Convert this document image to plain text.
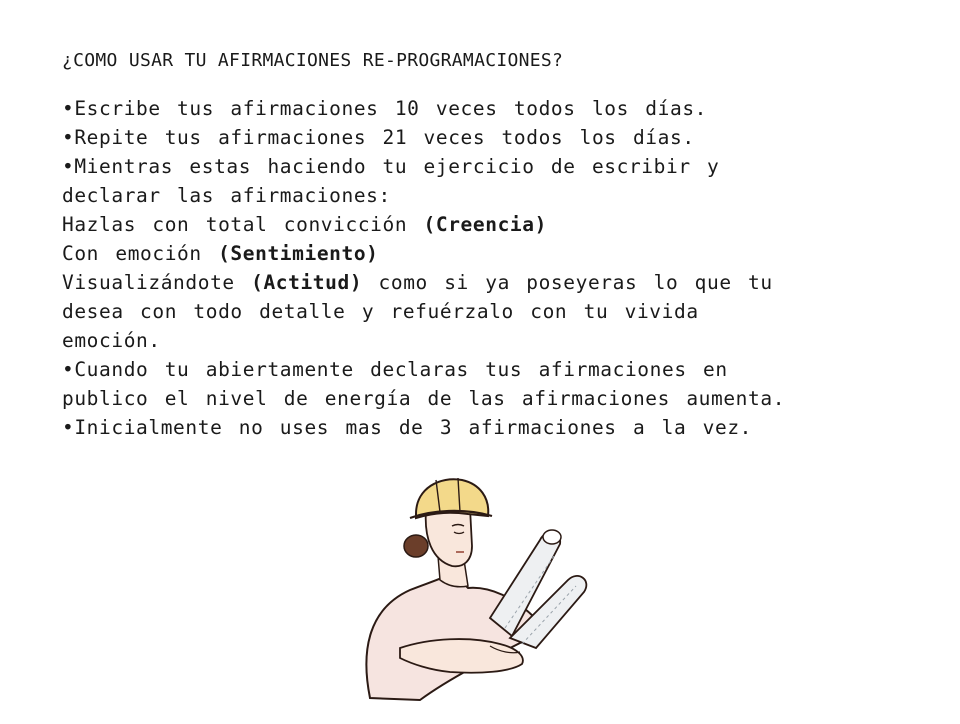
¿COMO USAR TU AFIRMACIONES RE-PROGRAMACIONES?
•Escribe tus afirmaciones 10 veces todos los días.
•Repite tus afirmaciones 21 veces todos los días.
•Mientras estas haciendo tu ejercicio de escribir y
declarar las afirmaciones:
Hazlas con total convicción (Creencia)
Con emoción (Sentimiento)
Visualizándote (Actitud) como si ya poseyeras lo que tu
desea con todo detalle y refuérzalo con tu vivida
emoción.
•Cuando tu abiertamente declaras tus afirmaciones en
publico el nivel de energía de las afirmaciones aumenta.
•Inicialmente no uses mas de 3 afirmaciones a la vez.
